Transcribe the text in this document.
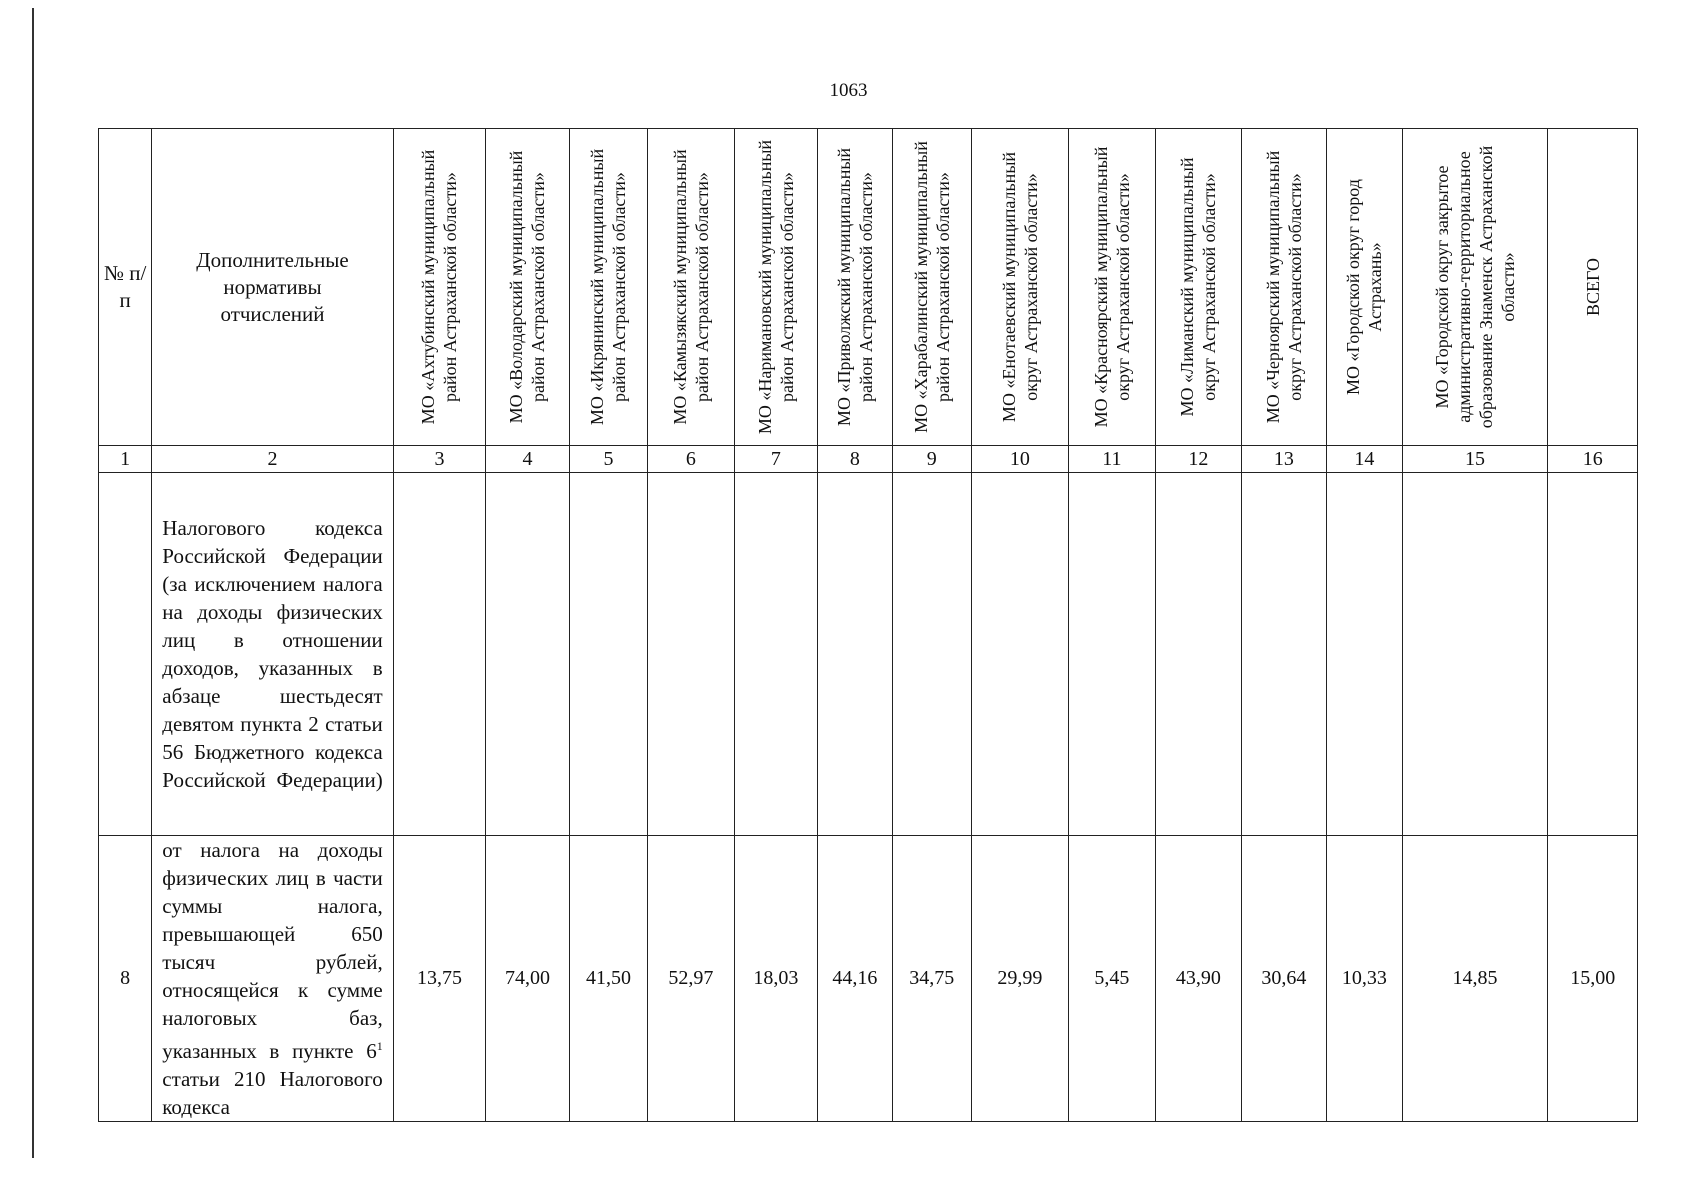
1063
№ п/п	Дополнительные нормативы отчислений	МО «Ахтубинский муниципальный район Астраханской области»	МО «Володарский муниципальный район Астраханской области»	МО «Икрянинский муниципальный район Астраханской области»	МО «Камызякский муниципальный район Астраханской области»	МО «Наримановский муниципальный район Астраханской области»	МО «Приволжский муниципальный район Астраханской области»	МО «Харабалинский муниципальный район Астраханской области»	МО «Енотаевский муниципальный округ Астраханской области»	МО «Красноярский муниципальный округ Астраханской области»	МО «Лиманский муниципальный округ Астраханской области»	МО «Черноярский муниципальный округ Астраханской области»	МО «Городской округ город Астрахань»	МО «Городской округ закрытое административно-территориальное образование Знаменск Астраханской области»	ВСЕГО

1	2	3	4	5	6	7	8	9	10	11	12	13	14	15	16

	Налогового кодекса Российской Федерации (за исключением налога на доходы физических лиц в отношении доходов, указанных в абзаце шестьдесят девятом пункта 2 статьи 56 Бюджетного кодекса Российской Федерации)														

8	от налога на доходы физических лиц в части суммы налога, превышающей 650 тысяч рублей, относящейся к сумме налоговых баз, указанных в пункте $6^1$ статьи 210 Налогового кодекса	13,75	74,00	41,50	52,97	18,03	44,16	34,75	29,99	5,45	43,90	30,64	10,33	14,85	15,00
